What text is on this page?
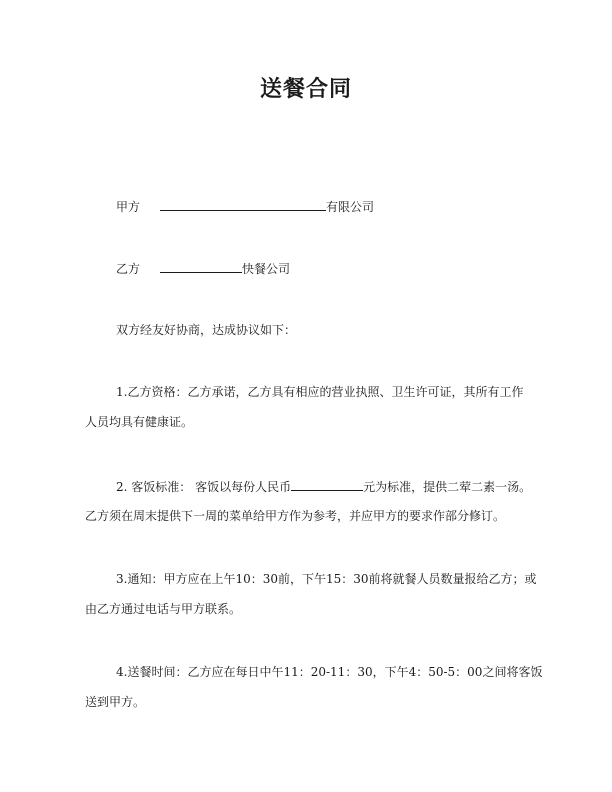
送餐合同
甲方	有限公司
乙方	快餐公司
双方经友好协商，达成协议如下：
1.乙方资格：乙方承诺，乙方具有相应的营业执照、卫生许可证，其所有工作
人员均具有健康证。
2. 客饭标准： 客饭以每份人民币	元为标准，提供二荤二素一汤。
乙方须在周末提供下一周的菜单给甲方作为参考，并应甲方的要求作部分修订。
3.通知：甲方应在上午10：30前，下午15：30前将就餐人员数量报给乙方；或
由乙方通过电话与甲方联系。
4.送餐时间：乙方应在每日中午11：20-11：30，下午4：50-5：00之间将客饭
送到甲方。
